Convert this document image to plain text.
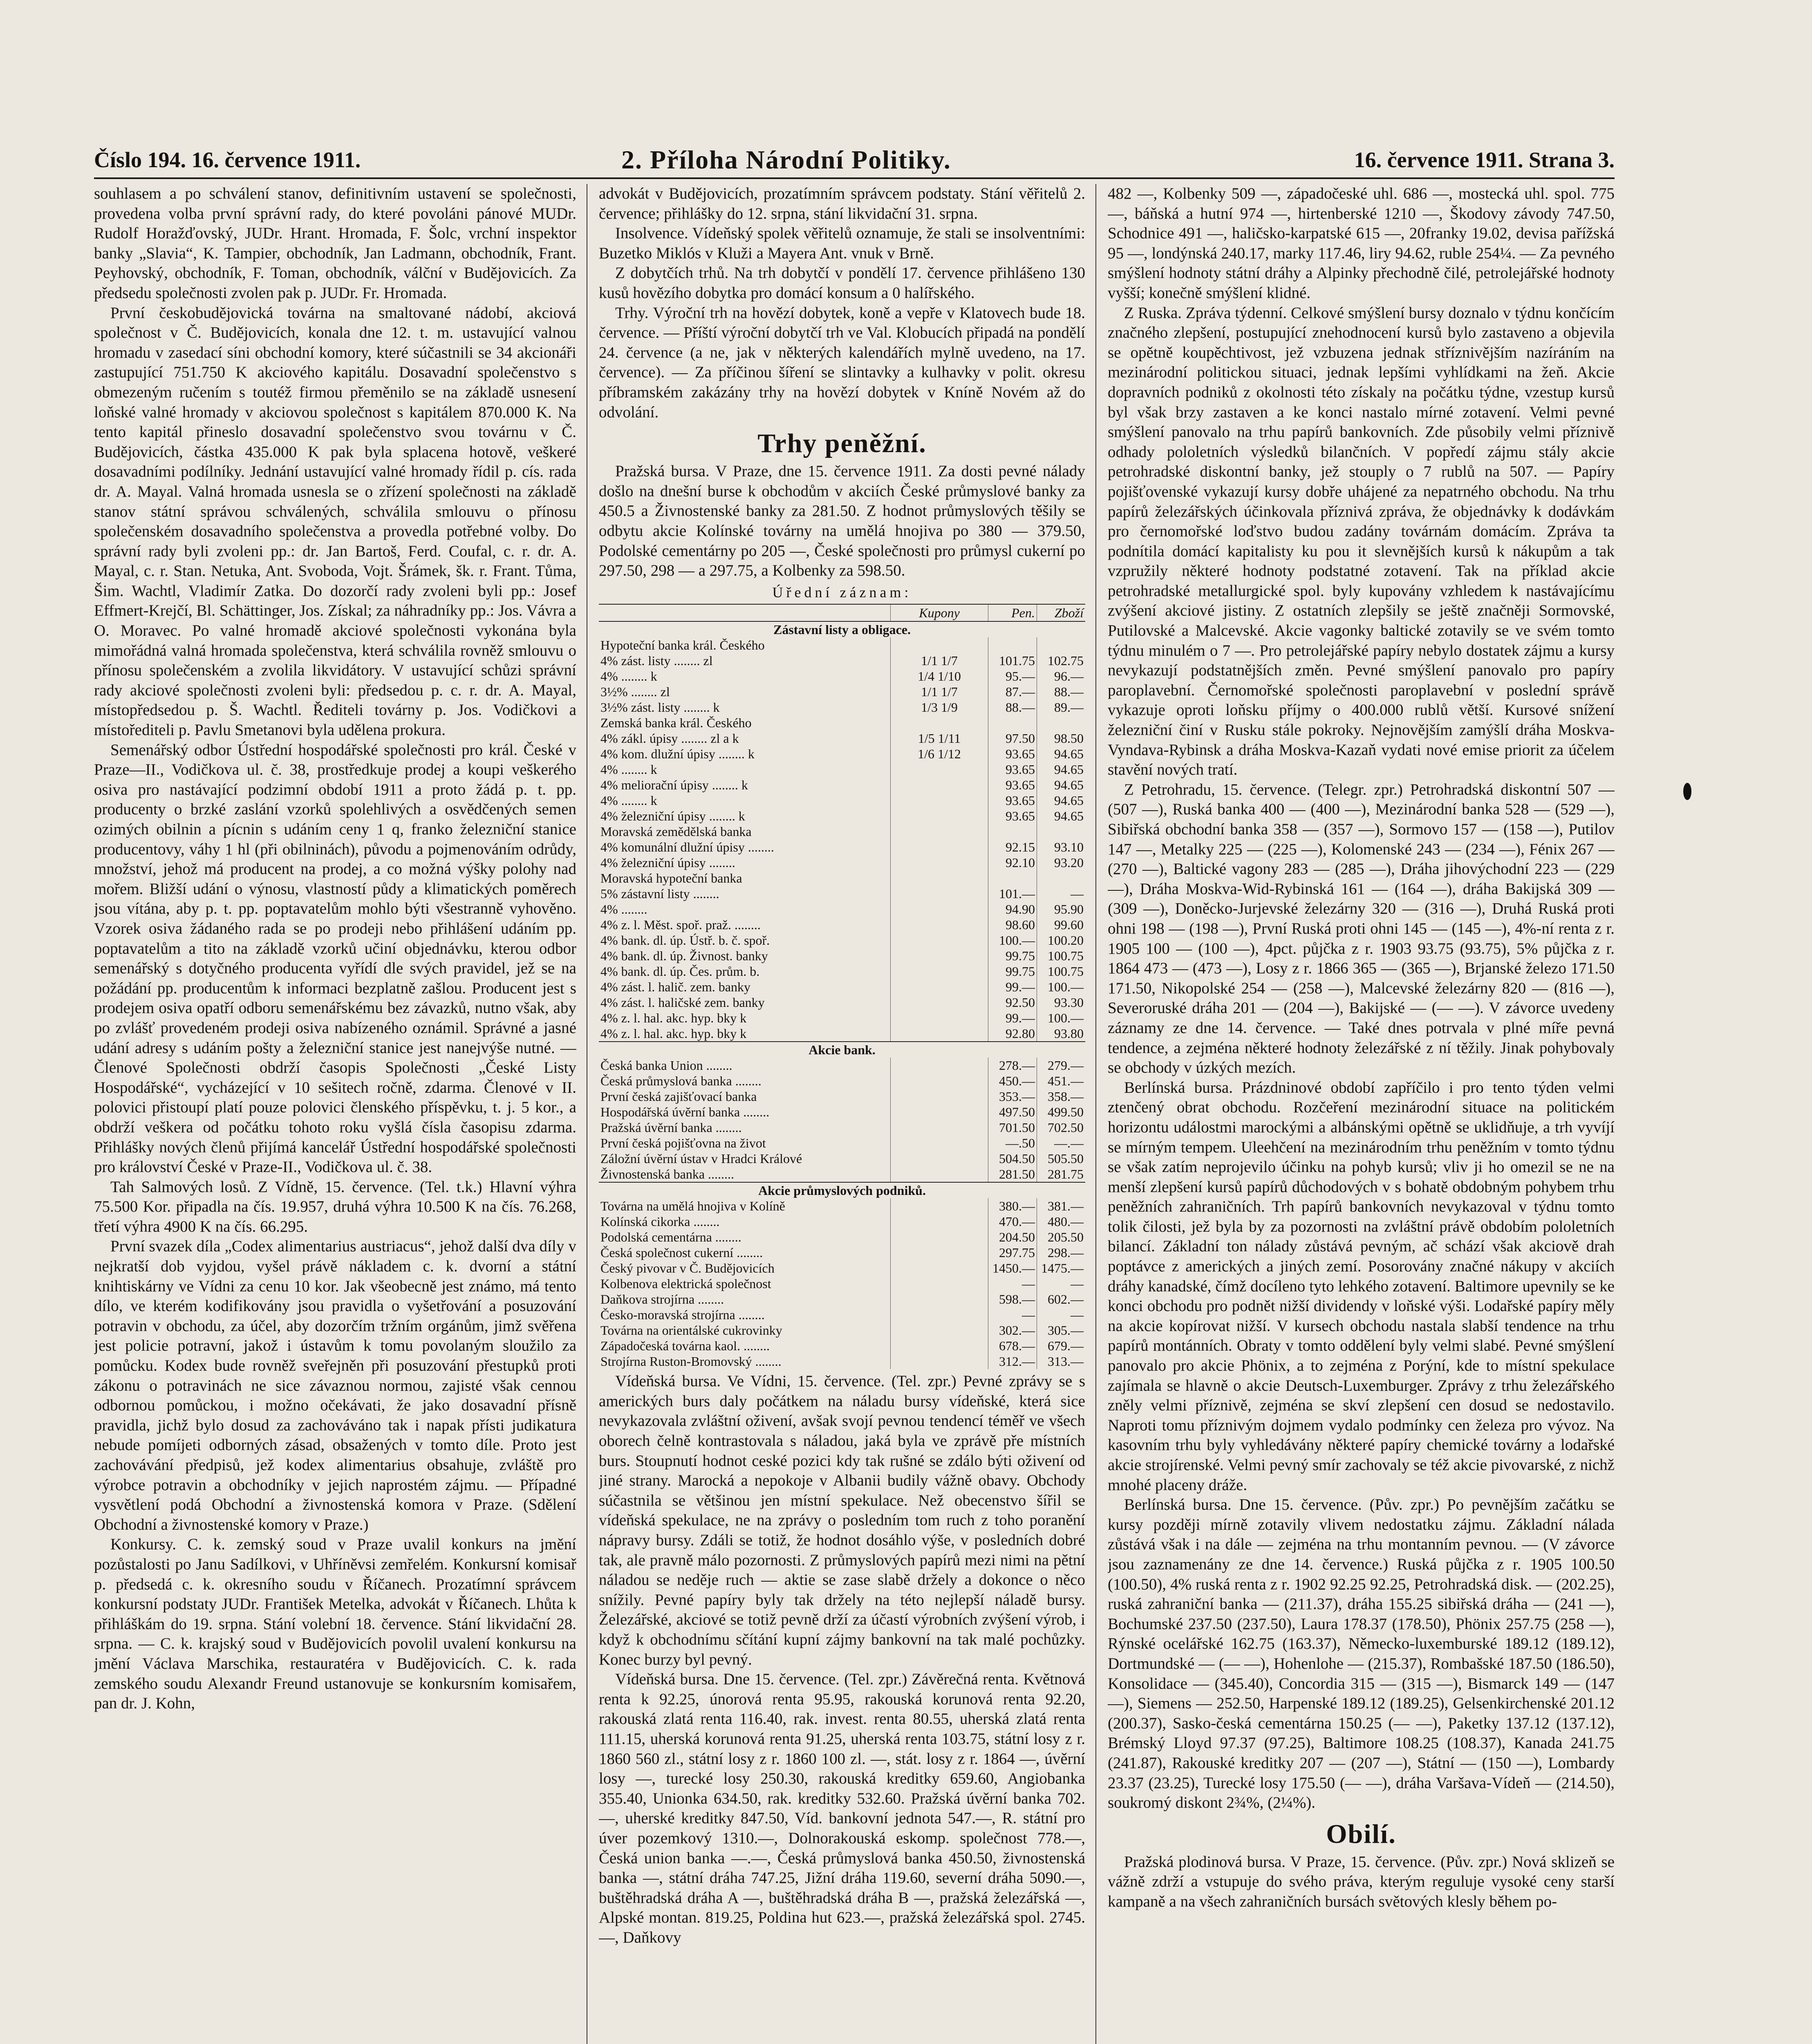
Číslo 194. 16. července 1911.	2. Příloha Národní Politiky.	16. července 1911. Strana 3.

souhlasem a po schválení stanov, definitivním ustavení se společnosti, provedena volba první správní rady, do které povoláni pánové MUDr. Rudolf Horažďovský, JUDr. Hrant. Hromada, F. Šolc, vrchní inspektor banky „Slavia“, K. Tampier, obchodník, Jan Ladmann, obchodník, Frant. Peyhovský, obchodník, F. Toman, obchodník, válční v Budějovicích. Za předsedu společnosti zvolen pak p. JUDr. Fr. Hromada.

První českobudějovická továrna na smaltované nádobí, akciová společnost v Č. Budějovicích, konala dne 12. t. m. ustavující valnou hromadu v zasedací síni obchodní komory, které súčastnili se 34 akcionáři zastupující 751.750 K akciového kapitálu. Dosavadní společenstvo s obmezeným ručením s toutéž firmou přeměnilo se na základě usnesení loňské valné hromady v akciovou společnost s kapitálem 870.000 K. Na tento kapitál přineslo dosavadní společenstvo svou továrnu v Č. Budějovicích, částka 435.000 K pak byla splacena hotově, veškeré dosavadními podílníky. Jednání ustavující valné hromady řídil p. cís. rada dr. A. Mayal. Valná hromada usnesla se o zřízení společnosti na základě stanov státní správou schválených, schválila smlouvu o přínosu společenském dosavadního společenstva a provedla potřebné volby. Do správní rady byli zvoleni pp.: dr. Jan Bartoš, Ferd. Coufal, c. r. dr. A. Mayal, c. r. Stan. Netuka, Ant. Svoboda, Vojt. Šrámek, šk. r. Frant. Tůma, Šim. Wachtl, Vladimír Zatka. Do dozorčí rady zvoleni byli pp.: Josef Effmert-Krejčí, Bl. Schättinger, Jos. Získal; za náhradníky pp.: Jos. Vávra a O. Moravec. Po valné hromadě akciové společnosti vykonána byla mimořádná valná hromada společenstva, která schválila rovněž smlouvu o přínosu společenském a zvolila likvidátory. V ustavující schůzi správní rady akciové společnosti zvoleni byli: předsedou p. c. r. dr. A. Mayal, místopředsedou p. Š. Wachtl. Řediteli továrny p. Jos. Vodičkovi a místořediteli p. Pavlu Smetanovi byla udělena prokura.

Semenářský odbor Ústřední hospodářské společnosti pro král. České v Praze—II., Vodičkova ul. č. 38, prostředkuje prodej a koupi veškerého osiva pro nastávající podzimní období 1911 a proto žádá p. t. pp. producenty o brzké zaslání vzorků spolehlivých a osvědčených semen ozimých obilnin a pícnin s udáním ceny 1 q, franko železniční stanice producentovy, váhy 1 hl (při obilninách), původu a pojmenováním odrůdy, množství, jehož má producent na prodej, a co možná výšky polohy nad mořem. Bližší udání o výnosu, vlastností půdy a klimatických poměrech jsou vítána, aby p. t. pp. poptavatelům mohlo býti všestranně vyhověno. Vzorek osiva žádaného rada se po prodeji nebo přihlášení udáním pp. poptavatelům a tito na základě vzorků učiní objednávku, kterou odbor semenářský s dotyčného producenta vyřídí dle svých pravidel, jež se na požádání pp. producentům k informaci bezplatně zašlou. Producent jest s prodejem osiva opatří odboru semenářskému bez závazků, nutno však, aby po zvlášť provedeném prodeji osiva nabízeného oznámil. Správné a jasné udání adresy s udáním pošty a železniční stanice jest nanejvýše nutné. — Členové Společnosti obdrží časopis Společnosti „České Listy Hospodářské“, vycházející v 10 sešitech ročně, zdarma. Členové v II. polovici přistoupí platí pouze polovici členského příspěvku, t. j. 5 kor., a obdrží veškera od počátku tohoto roku vyšlá čísla časopisu zdarma. Přihlášky nových členů přijímá kancelář Ústřední hospodářské společnosti pro království České v Praze-II., Vodičkova ul. č. 38.

Tah Salmových losů. Z Vídně, 15. července. (Tel. t.k.) Hlavní výhra 75.500 Kor. připadla na čís. 19.957, druhá výhra 10.500 K na čís. 76.268, třetí výhra 4900 K na čís. 66.295.

První svazek díla „Codex alimentarius austriacus“, jehož další dva díly v nejkratší dob vyjdou, vyšel právě nákladem c. k. dvorní a státní knihtiskárny ve Vídni za cenu 10 kor. Jak všeobecně jest známo, má tento dílo, ve kterém kodifikovány jsou pravidla o vyšetřování a posuzování potravin v obchodu, za účel, aby dozorčím tržním orgánům, jimž svěřena jest policie potravní, jakož i ústavům k tomu povolaným sloužilo za pomůcku. Kodex bude rovněž sveřejněn při posuzování přestupků proti zákonu o potravinách ne sice závaznou normou, zajisté však cennou odbornou pomůckou, i možno očekávati, že jako dosavadní přísně pravidla, jichž bylo dosud za zachováváno tak i napak přísti judikatura nebude pomíjeti odborných zásad, obsažených v tomto díle. Proto jest zachovávání předpisů, jež kodex alimentarius obsahuje, zvláště pro výrobce potravin a obchodníky v jejich naprostém zájmu. — Případné vysvětlení podá Obchodní a živnostenská komora v Praze. (Sdělení Obchodní a živnostenské komory v Praze.)

Konkursy. C. k. zemský soud v Praze uvalil konkurs na jmění pozůstalosti po Janu Sadílkovi, v Uhříněvsi zemřelém. Konkursní komisař p. předsedá c. k. okresního soudu v Říčanech. Prozatímní správcem konkursní podstaty JUDr. František Metelka, advokát v Říčanech. Lhůta k přihláškám do 19. srpna. Stání volební 18. července. Stání likvidační 28. srpna. — C. k. krajský soud v Budějovicích povolil uvalení konkursu na jmění Václava Marschika, restauratéra v Budějovicích. C. k. rada zemského soudu Alexandr Freund ustanovuje se konkursním komisařem, pan dr. J. Kohn,

advokát v Budějovicích, prozatímním správcem podstaty. Stání věřitelů 2. července; přihlášky do 12. srpna, stání likvidační 31. srpna.

Insolvence. Vídeňský spolek věřitelů oznamuje, že stali se insolventními: Buzetko Miklós v Kluži a Mayera Ant. vnuk v Brně.

Z dobytčích trhů. Na trh dobytčí v pondělí 17. července přihlášeno 130 kusů hovězího dobytka pro domácí konsum a 0 halířského.

Trhy. Výroční trh na hovězí dobytek, koně a vepře v Klatovech bude 18. července. — Příští výroční dobytčí trh ve Val. Klobucích připadá na pondělí 24. července (a ne, jak v některých kalendářích mylně uvedeno, na 17. července). — Za příčinou šíření se slintavky a kulhavky v polit. okresu příbramském zakázány trhy na hovězí dobytek v Kníně Novém až do odvolání.

Trhy peněžní.

Pražská bursa. V Praze, dne 15. července 1911. Za dosti pevné nálady došlo na dnešní burse k obchodům v akciích České průmyslové banky za 450.5 a Živnostenské banky za 281.50. Z hodnot průmyslových těšily se odbytu akcie Kolínské továrny na umělá hnojiva po 380 — 379.50, Podolské cementárny po 205 —, České společnosti pro průmysl cukerní po 297.50, 298 — a 297.75, a Kolbenky za 598.50.

Úřední záznam:
	Kupony	Pen.	Zboží
Zástavní listy a obligace.			
Hypoteční banka král. Českého			
4% zást. listy ........ zl	1/1 1/7	101.75	102.75
4% ........ k	1/4 1/10	95.—	96.—
3½% ........ zl	1/1 1/7	87.—	88.—
3½% zást. listy ........ k	1/3 1/9	88.—	89.—
Zemská banka král. Českého			
4% zákl. úpisy ........ zl a k	1/5 1/11	97.50	98.50
4% kom. dlužní úpisy ........ k	1/6 1/12	93.65	94.65
4% ........ k		93.65	94.65
4% meliorační úpisy ........ k		93.65	94.65
4% ........ k		93.65	94.65
4% železniční úpisy ........ k		93.65	94.65
Moravská zemědělská banka			
4% komunální dlužní úpisy ........		92.15	93.10
4% železniční úpisy ........		92.10	93.20
Moravská hypoteční banka			
5% zástavní listy ........		101.—	—
4% ........		94.90	95.90
4% z. l. Měst. spoř. praž. ........		98.60	99.60
4% bank. dl. úp. Ústř. b. č. spoř.		100.—	100.20
4% bank. dl. úp. Živnost. banky		99.75	100.75
4% bank. dl. úp. Čes. prům. b.		99.75	100.75
4% zást. l. halič. zem. banky		99.—	100.—
4% zást. l. haličské zem. banky		92.50	93.30
4% z. l. hal. akc. hyp. bky k		99.—	100.—
4% z. l. hal. akc. hyp. bky k		92.80	93.80
Akcie bank.			
Česká banka Union ........		278.—	279.—
Česká průmyslová banka ........		450.—	451.—
První česká zajišťovací banka		353.—	358.—
Hospodářská úvěrní banka ........		497.50	499.50
Pražská úvěrní banka ........		701.50	702.50
První česká pojišťovna na život		—.50	—.—
Záložní úvěrní ústav v Hradci Králové		504.50	505.50
Živnostenská banka ........		281.50	281.75
Akcie průmyslových podniků.			
Továrna na umělá hnojiva v Kolíně		380.—	381.—
Kolínská cikorka ........		470.—	480.—
Podolská cementárna ........		204.50	205.50
Česká společnost cukerní ........		297.75	298.—
Český pivovar v Č. Budějovicích		1450.—	1475.—
Kolbenova elektrická společnost		—	—
Daňkova strojírna ........		598.—	602.—
Česko-moravská strojírna ........		—	—
Továrna na orientálské cukrovinky		302.—	305.—
Západočeská továrna kaol. ........		678.—	679.—
Strojírna Ruston-Bromovský ........		312.—	313.—

Vídeňská bursa. Ve Vídni, 15. července. (Tel. zpr.) Pevné zprávy se s amerických burs daly počátkem na náladu bursy vídeňské, která sice nevykazovala zvláštní oživení, avšak svojí pevnou tendencí téměř ve všech oborech čelně kontrastovala s náladou, jaká byla ve zprávě pře místních burs. Stoupnutí hodnot ceské pozici kdy tak rušné se zdálo býti oživení od jiné strany. Marocká a nepokoje v Albanii budily vážně obavy. Obchody súčastnila se většinou jen místní spekulace. Než obecenstvo šířil se vídeňská spekulace, ne na zprávy o posledním tom ruch z toho poranění nápravy bursy. Zdáli se totiž, že hodnot dosáhlo výše, v posledních dobré tak, ale pravně málo pozornosti. Z průmyslových papírů mezi nimi na pětní náladou se neděje ruch — aktie se zase slabě držely a dokonce o něco snížily. Pevné papíry byly tak držely na této nejlepší náladě bursy. Železářské, akciové se totiž pevně drží za účastí výrobních zvýšení výrob, i když k obchodnímu sčítání kupní zájmy bankovní na tak malé pochůzky. Konec burzy byl pevný.

Vídeňská bursa. Dne 15. července. (Tel. zpr.) Závěrečná renta. Květnová renta k 92.25, únorová renta 95.95, rakouská korunová renta 92.20, rakouská zlatá renta 116.40, rak. invest. renta 80.55, uherská zlatá renta 111.15, uherská korunová renta 91.25, uherská renta 103.75, státní losy z r. 1860 560 zl., státní losy z r. 1860 100 zl. —, stát. losy z r. 1864 —, úvěrní losy —, turecké losy 250.30, rakouská kreditky 659.60, Angiobanka 355.40, Unionka 634.50, rak. kreditky 532.60. Pražská úvěrní banka 702.—, uherské kreditky 847.50, Víd. bankovní jednota 547.—, R. státní pro úver pozemkový 1310.—, Dolnorakouská eskomp. společnost 778.—, Česká union banka —.—, Česká průmyslová banka 450.50, živnostenská banka —, státní dráha 747.25, Jižní dráha 119.60, severní dráha 5090.—, buštěhradská dráha A —, buštěhradská dráha B —, pražská železářská —, Alpské montan. 819.25, Poldina hut 623.—, pražská železářská spol. 2745.—, Daňkovy

482 —, Kolbenky 509 —, západočeské uhl. 686 —, mostecká uhl. spol. 775 —, báňská a hutní 974 —, hirtenberské 1210 —, Škodovy závody 747.50, Schodnice 491 —, haličsko-karpatské 615 —, 20franky 19.02, devisa pařížská 95 —, londýnská 240.17, marky 117.46, liry 94.62, ruble 254¼. — Za pevného smýšlení hodnoty státní dráhy a Alpinky přechodně čilé, petrolejářské hodnoty vyšší; konečně smýšlení klidné.

Z Ruska. Zpráva týdenní. Celkové smýšlení bursy doznalo v týdnu končícím značného zlepšení, postupující znehodnocení kursů bylo zastaveno a objevila se opětně koupěchtivost, jež vzbuzena jednak stříznivějším nazíráním na mezinárodní politickou situaci, jednak lepšími vyhlídkami na žeň. Akcie dopravních podniků z okolnosti této získaly na počátku týdne, vzestup kursů byl však brzy zastaven a ke konci nastalo mírné zotavení. Velmi pevné smýšlení panovalo na trhu papírů bankovních. Zde působily velmi příznivě odhady pololetních výsledků bilančních. V popředí zájmu stály akcie petrohradské diskontní banky, jež stouply o 7 rublů na 507. — Papíry pojišťovenské vykazují kursy dobře uhájené za nepatrného obchodu. Na trhu papírů železářských účinkovala příznivá zpráva, že objednávky k dodávkám pro černomořské loďstvo budou zadány továrnám domácím. Zpráva ta podnítila domácí kapitalisty ku pou it slevnějších kursů k nákupům a tak vzpružily některé hodnoty podstatné zotavení. Tak na příklad akcie petrohradské metallurgické spol. byly kupovány vzhledem k nastávajícímu zvýšení akciové jistiny. Z ostatních zlepšily se ještě značněji Sormovské, Putilovské a Malcevské. Akcie vagonky baltické zotavily se ve svém tomto týdnu minulém o 7 —. Pro petrolejářské papíry nebylo dostatek zájmu a kursy nevykazují podstatnějších změn. Pevné smýšlení panovalo pro papíry paroplavební. Černomořské společnosti paroplavební v poslední správě vykazuje oproti loňsku příjmy o 400.000 rublů větší. Kursové snížení železniční činí v Rusku stále pokroky. Nejnovějším zamýšlí dráha Moskva-Vyndava-Rybinsk a dráha Moskva-Kazaň vydati nové emise priorit za účelem stavění nových tratí.

Z Petrohradu, 15. července. (Telegr. zpr.) Petrohradská diskontní 507 — (507 —), Ruská banka 400 — (400 —), Mezinárodní banka 528 — (529 —), Sibiřská obchodní banka 358 — (357 —), Sormovo 157 — (158 —), Putilov 147 —, Metalky 225 — (225 —), Kolomenské 243 — (234 —), Fénix 267 — (270 —), Baltické vagony 283 — (285 —), Dráha jihovýchodní 223 — (229 —), Dráha Moskva-Wid-Rybinská 161 — (164 —), dráha Bakijská 309 — (309 —), Doněcko-Jurjevské železárny 320 — (316 —), Druhá Ruská proti ohni 198 — (198 —), První Ruská proti ohni 145 — (145 —), 4%-ní renta z r. 1905 100 — (100 —), 4pct. půjčka z r. 1903 93.75 (93.75), 5% půjčka z r. 1864 473 — (473 —), Losy z r. 1866 365 — (365 —), Brjanské železo 171.50 171.50, Nikopolské 254 — (258 —), Malcevské železárny 820 — (816 —), Severoruské dráha 201 — (204 —), Bakijské — (— —). V závorce uvedeny záznamy ze dne 14. července. — Také dnes potrvala v plné míře pevná tendence, a zejména některé hodnoty železářské z ní těžily. Jinak pohybovaly se obchody v úzkých mezích.

Berlínská bursa. Prázdninové období zapříčilo i pro tento týden velmi ztenčený obrat obchodu. Rozčeření mezinárodní situace na politickém horizontu událostmi marockými a albánskými opětně se uklidňuje, a trh vyvíjí se mírným tempem. Uleehčení na mezinárodním trhu peněžním v tomto týdnu se však zatím neprojevilo účinku na pohyb kursů; vliv ji ho omezil se ne na menší zlepšení kursů papírů důchodových v s bohatě obdobným pohybem trhu peněžních zahraničních. Trh papírů bankovních nevykazoval v týdnu tomto tolik čilosti, jež byla by za pozornosti na zvláštní právě obdobím pololetních bilancí. Základní ton nálady zůstává pevným, ač schází však akciově drah poptávce z amerických a jiných zemí. Posorovány značné nákupy v akciích dráhy kanadské, čímž docíleno tyto lehkého zotavení. Baltimore upevnily se ke konci obchodu pro podnět nižší dividendy v loňské výši. Lodařské papíry měly na akcie kopírovat nižší. V kursech obchodu nastala slabší tendence na trhu papírů montánních. Obraty v tomto oddělení byly velmi slabé. Pevné smýšlení panovalo pro akcie Phönix, a to zejména z Porýní, kde to místní spekulace zajímala se hlavně o akcie Deutsch-Luxemburger. Zprávy z trhu železářského zněly velmi příznivě, zejména se skví zlepšení cen dosud se nedostavilo. Naproti tomu příznivým dojmem vydalo podmínky cen železa pro vývoz. Na kasovním trhu byly vyhledávány některé papíry chemické továrny a lodařské akcie strojírenské. Velmi pevný smír zachovaly se též akcie pivovarské, z nichž mnohé placeny dráže.

Berlínská bursa. Dne 15. července. (Pův. zpr.) Po pevnějším začátku se kursy později mírně zotavily vlivem nedostatku zájmu. Základní nálada zůstává však i na dále — zejména na trhu montanním pevnou. — (V závorce jsou zaznamenány ze dne 14. července.) Ruská půjčka z r. 1905 100.50 (100.50), 4% ruská renta z r. 1902 92.25 92.25, Petrohradská disk. — (202.25), ruská zahraniční banka — (211.37), dráha 155.25 sibiřská dráha — (241 —), Bochumské 237.50 (237.50), Laura 178.37 (178.50), Phönix 257.75 (258 —), Rýnské ocelářské 162.75 (163.37), Německo-luxemburské 189.12 (189.12), Dortmundské — (— —), Hohenlohe — (215.37), Rombašské 187.50 (186.50), Konsolidace — (345.40), Concordia 315 — (315 —), Bismarck 149 — (147 —), Siemens — 252.50, Harpenské 189.12 (189.25), Gelsenkirchenské 201.12 (200.37), Sasko-česká cementárna 150.25 (— —), Paketky 137.12 (137.12), Brémský Lloyd 97.37 (97.25), Baltimore 108.25 (108.37), Kanada 241.75 (241.87), Rakouské kreditky 207 — (207 —), Státní — (150 —), Lombardy 23.37 (23.25), Turecké losy 175.50 (— —), dráha Varšava-Vídeň — (214.50), soukromý diskont 2¾%, (2¼%).

Obilí.

Pražská plodinová bursa. V Praze, 15. července. (Pův. zpr.) Nová sklizeň se vážně zdrží a vstupuje do svého práva, kterým reguluje vysoké ceny starší kampaně a na všech zahraničních bursách světových klesly během po-
